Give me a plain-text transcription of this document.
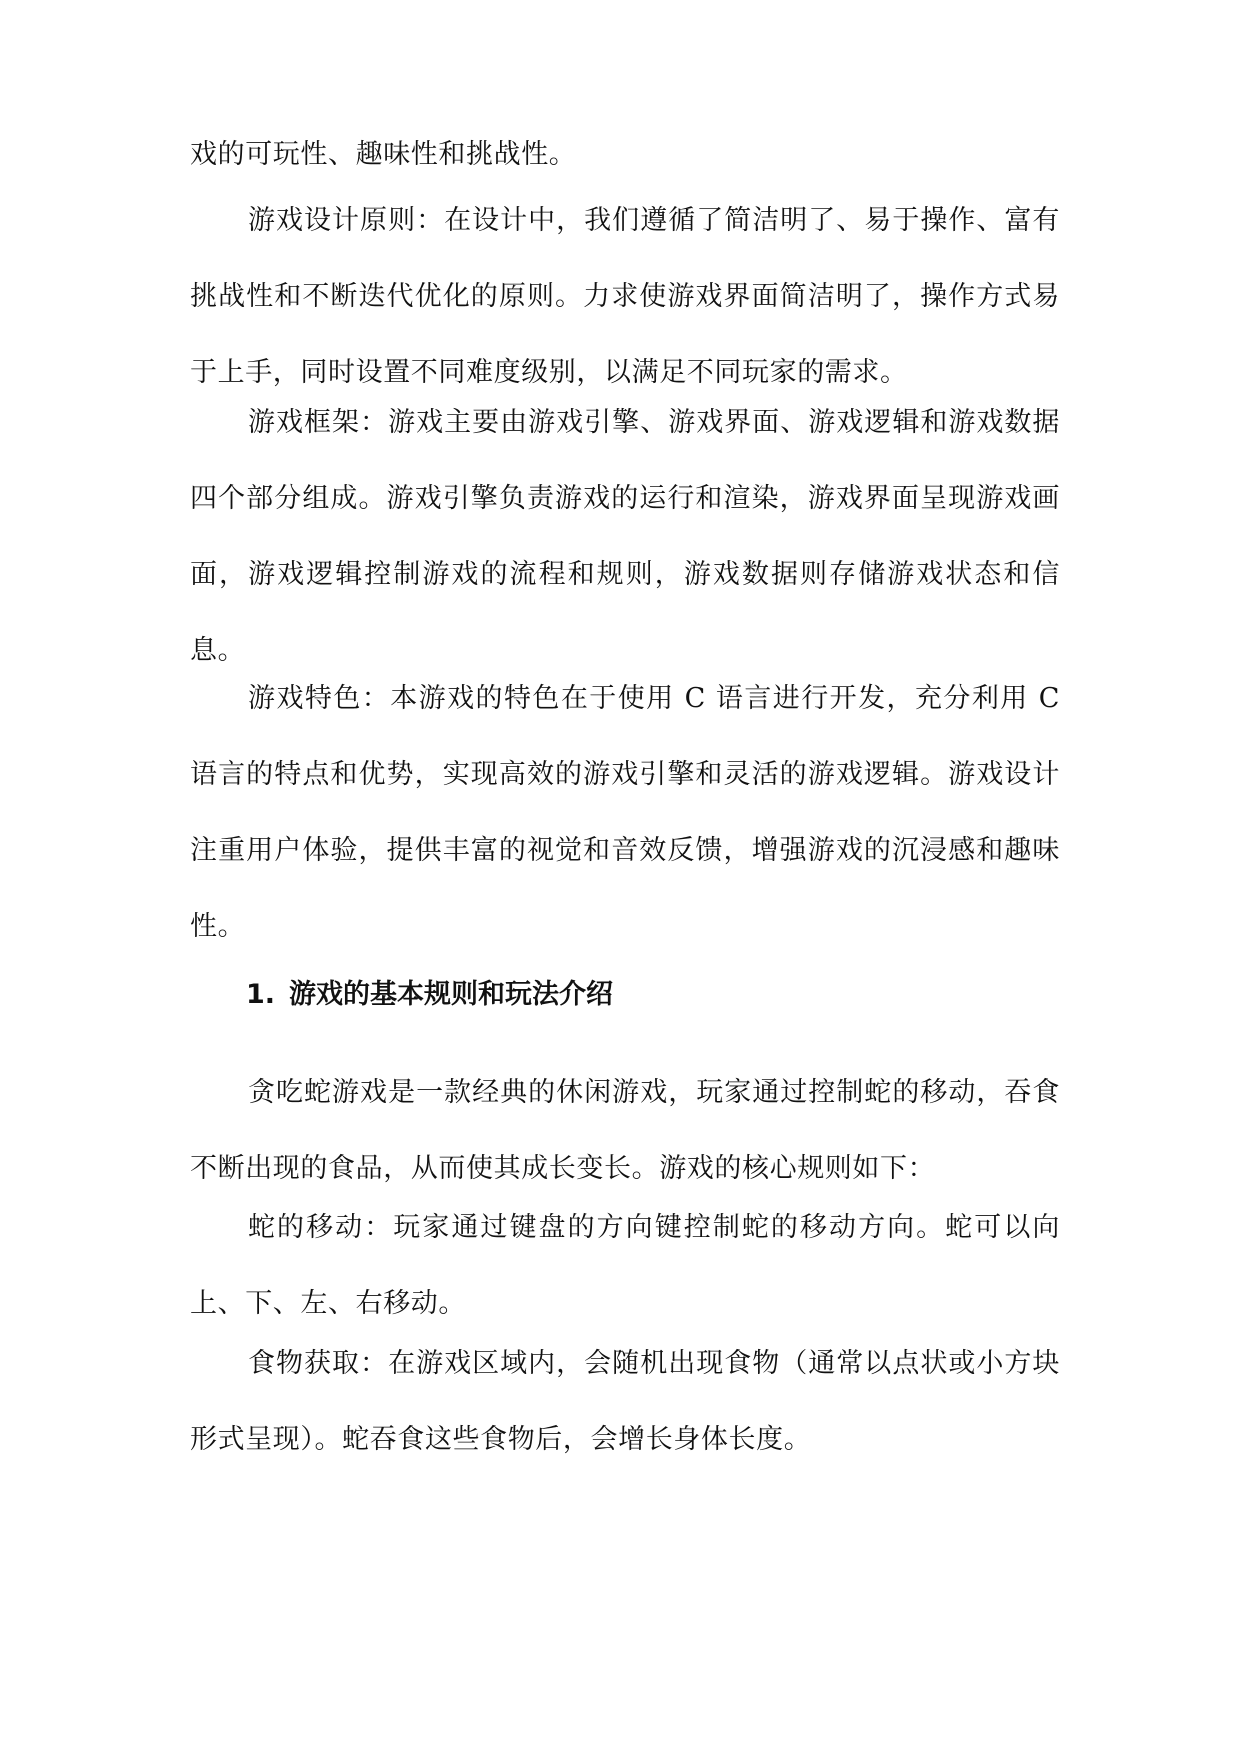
戏的可玩性、趣味性和挑战性。

游戏设计原则：在设计中，我们遵循了简洁明了、易于操作、富有挑战性和不断迭代优化的原则。力求使游戏界面简洁明了，操作方式易于上手，同时设置不同难度级别，以满足不同玩家的需求。

游戏框架：游戏主要由游戏引擎、游戏界面、游戏逻辑和游戏数据四个部分组成。游戏引擎负责游戏的运行和渲染，游戏界面呈现游戏画面，游戏逻辑控制游戏的流程和规则，游戏数据则存储游戏状态和信息。

游戏特色：本游戏的特色在于使用 C 语言进行开发，充分利用 C 语言的特点和优势，实现高效的游戏引擎和灵活的游戏逻辑。游戏设计注重用户体验，提供丰富的视觉和音效反馈，增强游戏的沉浸感和趣味性。

1. 游戏的基本规则和玩法介绍

贪吃蛇游戏是一款经典的休闲游戏，玩家通过控制蛇的移动，吞食不断出现的食品，从而使其成长变长。游戏的核心规则如下：

蛇的移动：玩家通过键盘的方向键控制蛇的移动方向。蛇可以向上、下、左、右移动。

食物获取：在游戏区域内，会随机出现食物（通常以点状或小方块形式呈现）。蛇吞食这些食物后，会增长身体长度。
